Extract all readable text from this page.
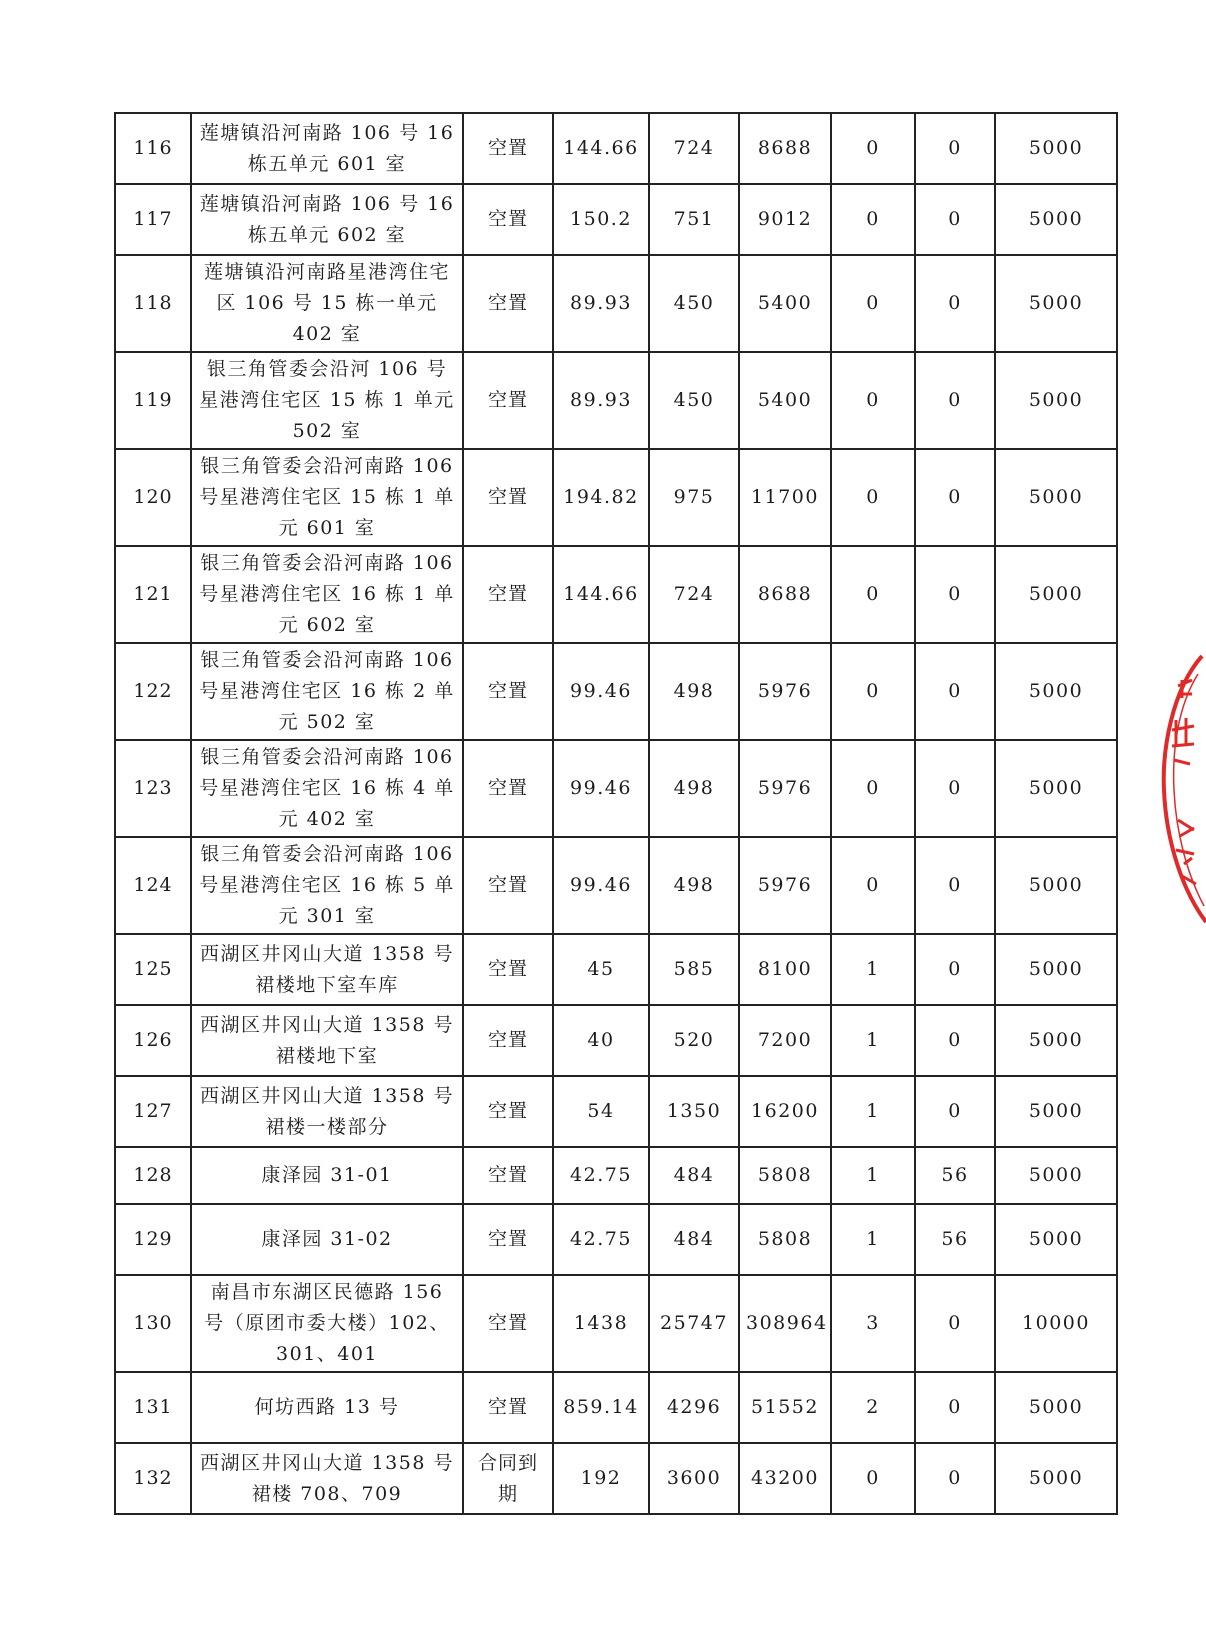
116	莲塘镇沿河南路 106 号 16 栋五单元 601 室	空置	144.66	724	8688	0	0	5000
117	莲塘镇沿河南路 106 号 16 栋五单元 602 室	空置	150.2	751	9012	0	0	5000
118	莲塘镇沿河南路星港湾住宅区 106 号 15 栋一单元 402 室	空置	89.93	450	5400	0	0	5000
119	银三角管委会沿河 106 号星港湾住宅区 15 栋 1 单元 502 室	空置	89.93	450	5400	0	0	5000
120	银三角管委会沿河南路 106 号星港湾住宅区 15 栋 1 单元 601 室	空置	194.82	975	11700	0	0	5000
121	银三角管委会沿河南路 106 号星港湾住宅区 16 栋 1 单元 602 室	空置	144.66	724	8688	0	0	5000
122	银三角管委会沿河南路 106 号星港湾住宅区 16 栋 2 单元 502 室	空置	99.46	498	5976	0	0	5000
123	银三角管委会沿河南路 106 号星港湾住宅区 16 栋 4 单元 402 室	空置	99.46	498	5976	0	0	5000
124	银三角管委会沿河南路 106 号星港湾住宅区 16 栋 5 单元 301 室	空置	99.46	498	5976	0	0	5000
125	西湖区井冈山大道 1358 号裙楼地下室车库	空置	45	585	8100	1	0	5000
126	西湖区井冈山大道 1358 号裙楼地下室	空置	40	520	7200	1	0	5000
127	西湖区井冈山大道 1358 号裙楼一楼部分	空置	54	1350	16200	1	0	5000
128	康泽园 31-01	空置	42.75	484	5808	1	56	5000
129	康泽园 31-02	空置	42.75	484	5808	1	56	5000
130	南昌市东湖区民德路 156 号（原团市委大楼）102、301、401	空置	1438	25747	308964	3	0	10000
131	何坊西路 13 号	空置	859.14	4296	51552	2	0	5000
132	西湖区井冈山大道 1358 号裙楼 708、709	合同到期	192	3600	43200	0	0	5000
